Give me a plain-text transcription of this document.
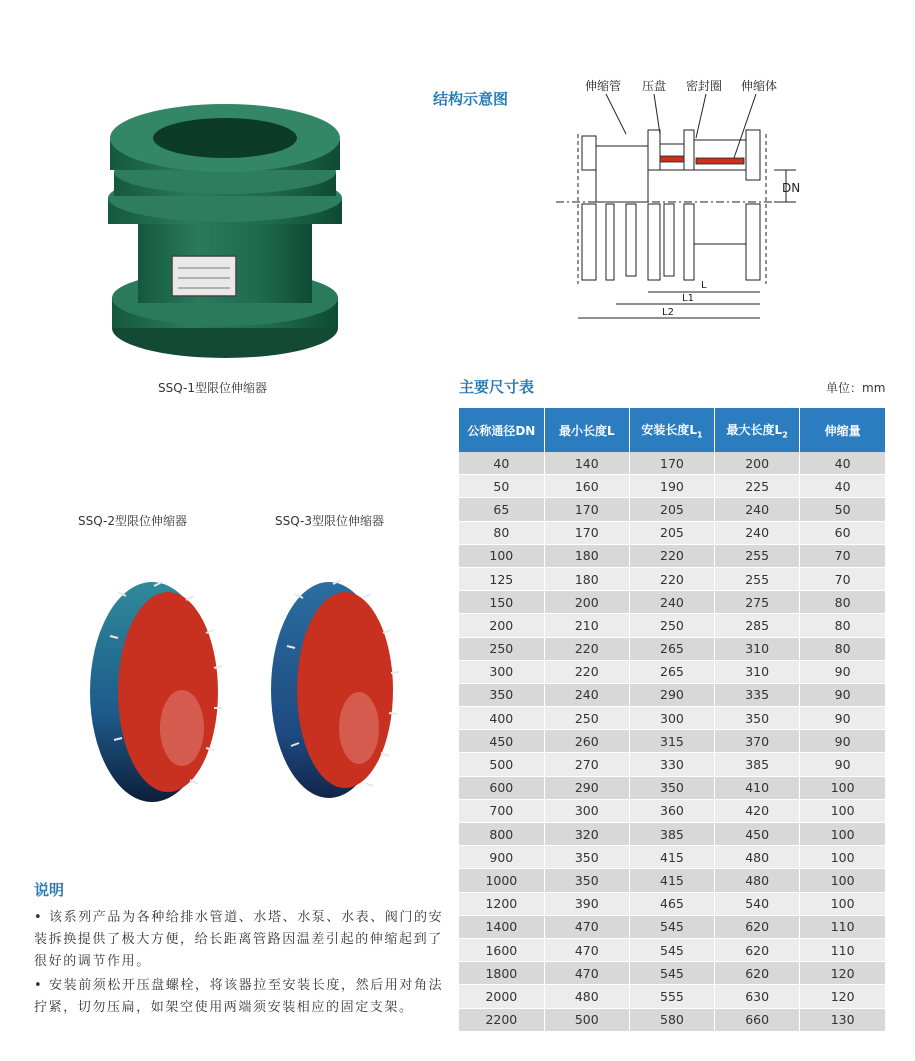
SSQ-1型限位伸缩器
SSQ-2型限位伸缩器	SSQ-3型限位伸缩器
说明

• 该系列产品为各种给排水管道、水塔、水泵、水表、阀门的安装拆换提供了极大方便，给长距离管路因温差引起的伸缩起到了很好的调节作用。

• 安装前须松开压盘螺栓，将该器拉至安装长度，然后用对角法拧紧，切勿压扁，如架空使用两端须安装相应的固定支架。

结构示意图
伸缩管 压盘 密封圈 伸缩体
DN
L
L1
L2
主要尺寸表	单位：mm
公称通径DN	最小长度L	安装长度$L_1$	最大长度$L_2$	伸缩量
40	140	170	200	40
50	160	190	225	40
65	170	205	240	50
80	170	205	240	60
100	180	220	255	70
125	180	220	255	70
150	200	240	275	80
200	210	250	285	80
250	220	265	310	80
300	220	265	310	90
350	240	290	335	90
400	250	300	350	90
450	260	315	370	90
500	270	330	385	90
600	290	350	410	100
700	300	360	420	100
800	320	385	450	100
900	350	415	480	100
1000	350	415	480	100
1200	390	465	540	100
1400	470	545	620	110
1600	470	545	620	110
1800	470	545	620	120
2000	480	555	630	120
2200	500	580	660	130
